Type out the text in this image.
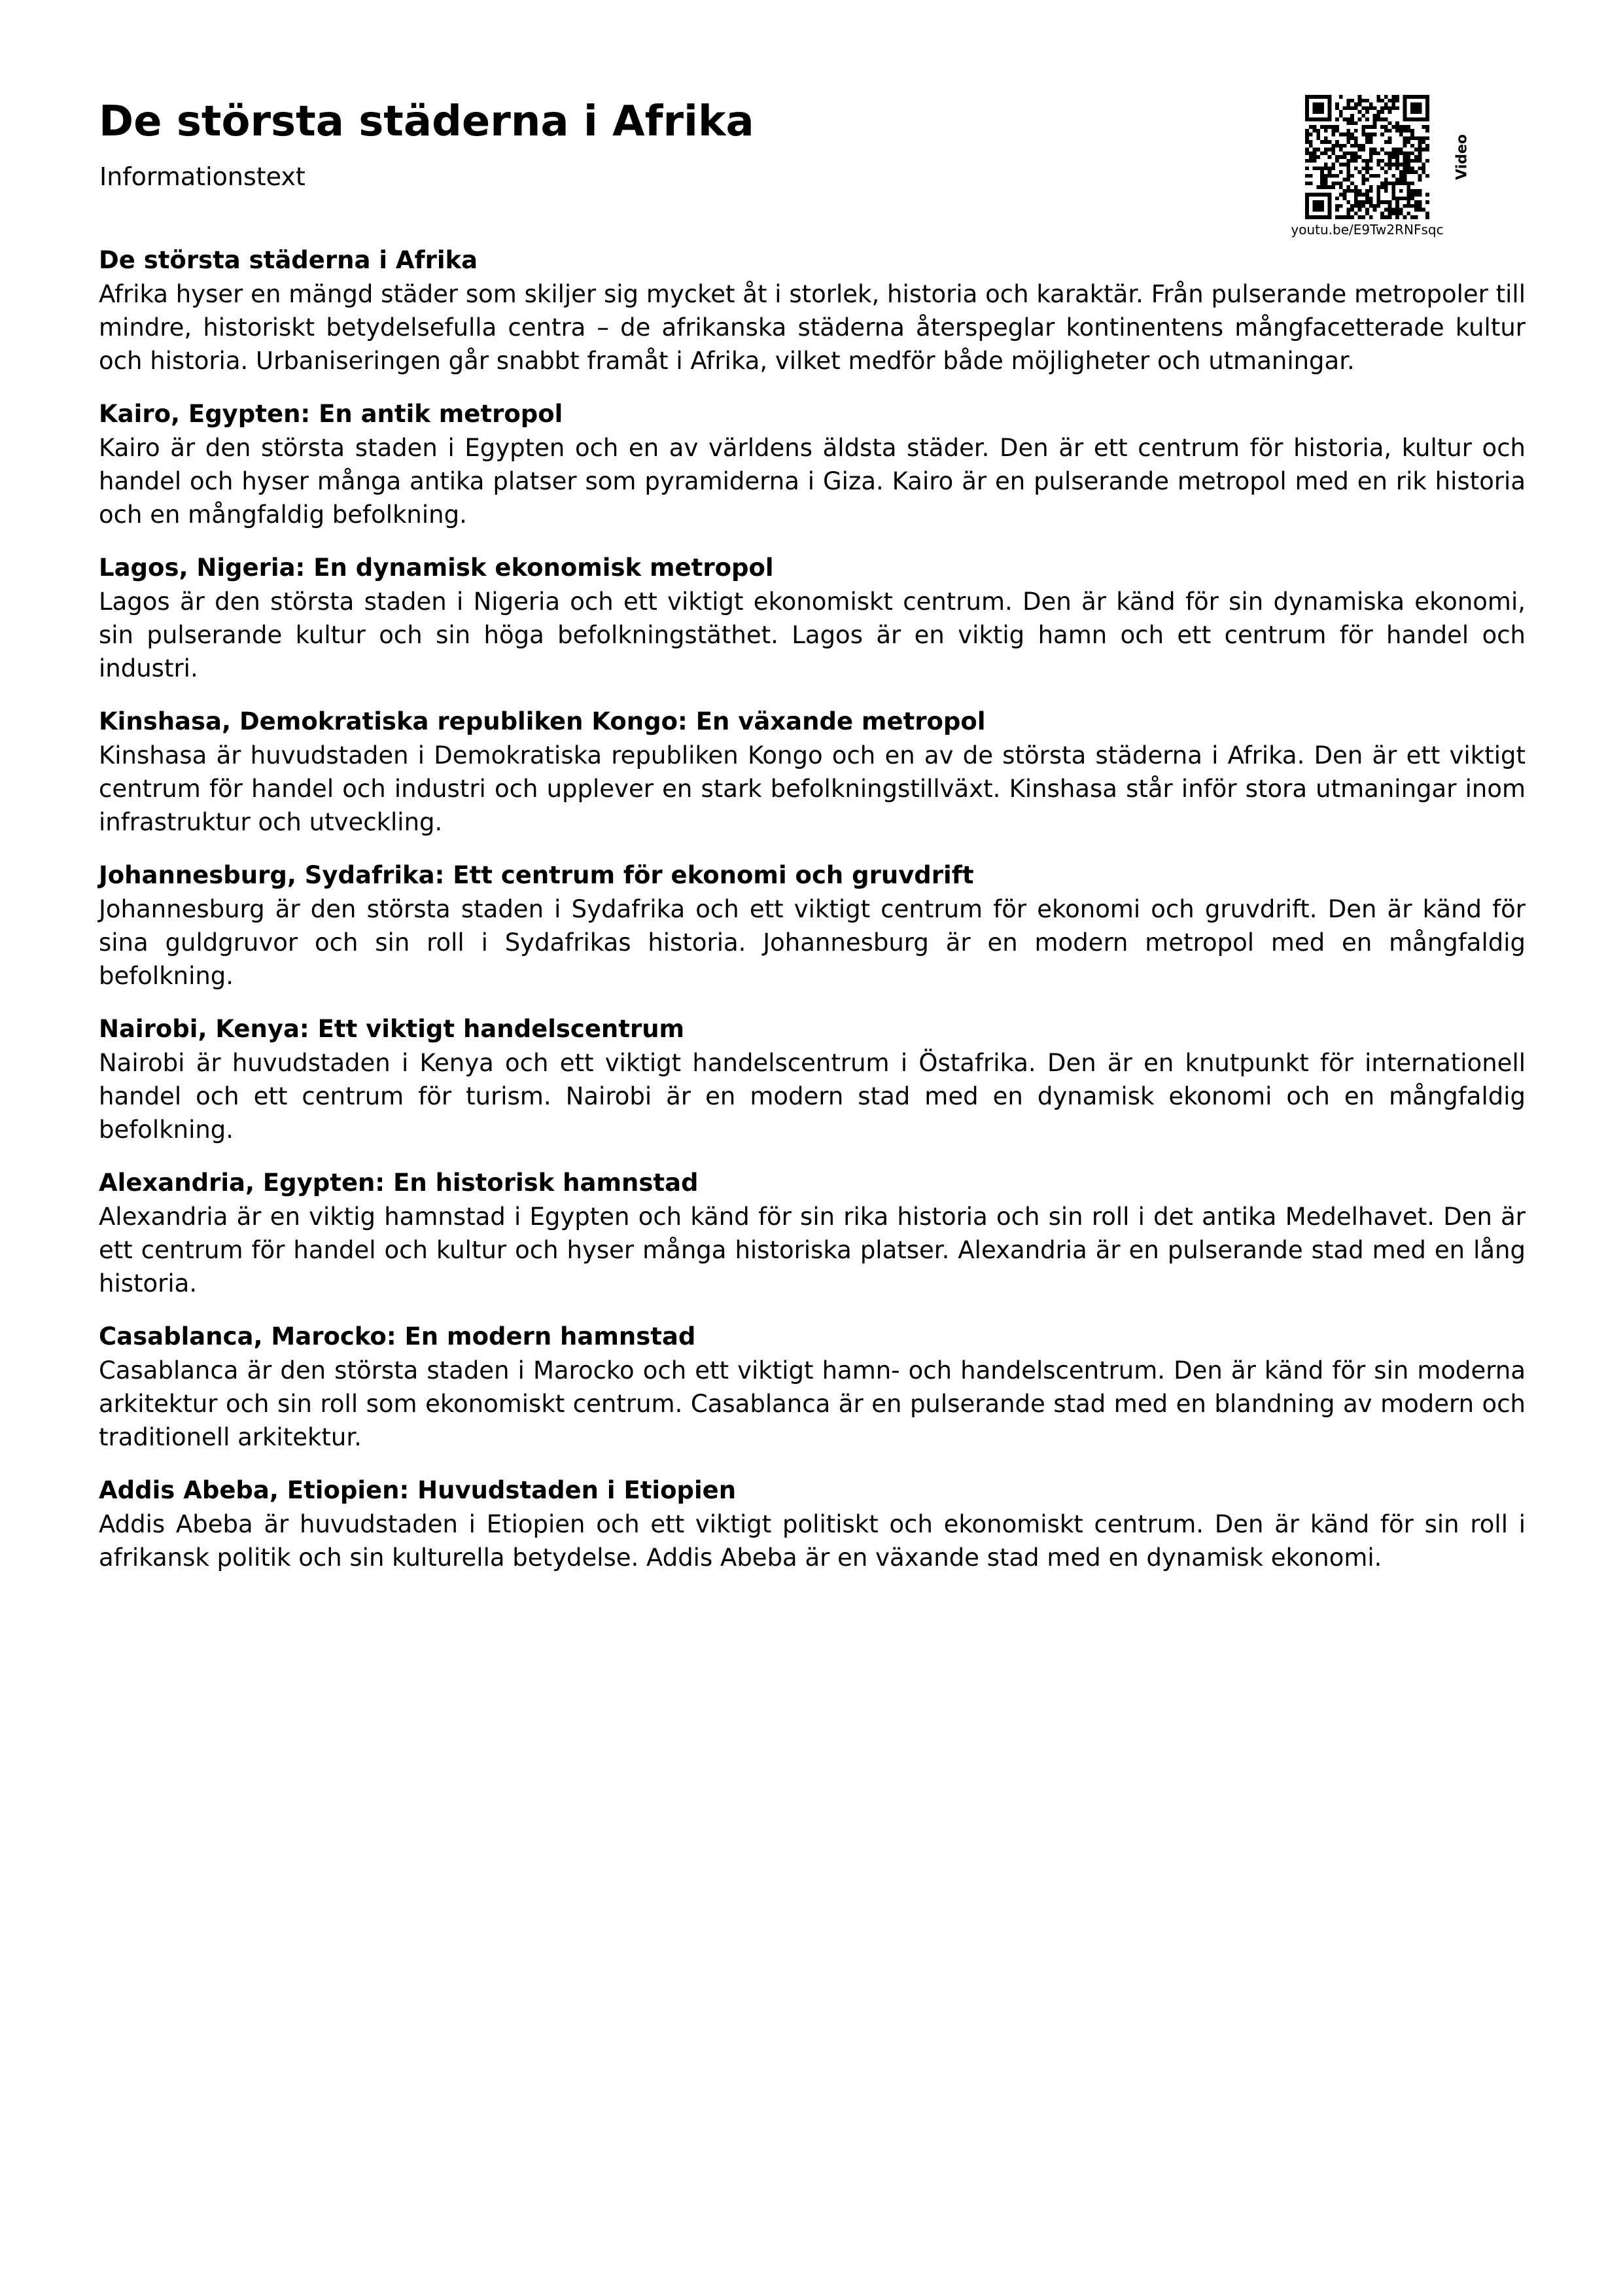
De största städerna i Afrika

Informationstext

youtu.be/E9Tw2RNFsqc
Video
De största städerna i Afrika

Afrika hyser en mängd städer som skiljer sig mycket åt i storlek, historia och karaktär. Från pulserande metropoler till mindre, historiskt betydelsefulla centra – de afrikanska städerna återspeglar kontinentens mångfacetterade kultur och historia. Urbaniseringen går snabbt framåt i Afrika, vilket medför både möjligheter och utmaningar.

Kairo, Egypten: En antik metropol

Kairo är den största staden i Egypten och en av världens äldsta städer. Den är ett centrum för historia, kultur och handel och hyser många antika platser som pyramiderna i Giza. Kairo är en pulserande metropol med en rik historia och en mångfaldig befolkning.

Lagos, Nigeria: En dynamisk ekonomisk metropol

Lagos är den största staden i Nigeria och ett viktigt ekonomiskt centrum. Den är känd för sin dynamiska ekonomi, sin pulserande kultur och sin höga befolkningstäthet. Lagos är en viktig hamn och ett centrum för handel och industri.

Kinshasa, Demokratiska republiken Kongo: En växande metropol

Kinshasa är huvudstaden i Demokratiska republiken Kongo och en av de största städerna i Afrika. Den är ett viktigt centrum för handel och industri och upplever en stark befolkningstillväxt. Kinshasa står inför stora utmaningar inom infrastruktur och utveckling.

Johannesburg, Sydafrika: Ett centrum för ekonomi och gruvdrift

Johannesburg är den största staden i Sydafrika och ett viktigt centrum för ekonomi och gruvdrift. Den är känd för sina guldgruvor och sin roll i Sydafrikas historia. Johannesburg är en modern metropol med en mångfaldig befolkning.

Nairobi, Kenya: Ett viktigt handelscentrum

Nairobi är huvudstaden i Kenya och ett viktigt handelscentrum i Östafrika. Den är en knutpunkt för internationell handel och ett centrum för turism. Nairobi är en modern stad med en dynamisk ekonomi och en mångfaldig befolkning.

Alexandria, Egypten: En historisk hamnstad

Alexandria är en viktig hamnstad i Egypten och känd för sin rika historia och sin roll i det antika Medelhavet. Den är ett centrum för handel och kultur och hyser många historiska platser. Alexandria är en pulserande stad med en lång historia.

Casablanca, Marocko: En modern hamnstad

Casablanca är den största staden i Marocko och ett viktigt hamn- och handelscentrum. Den är känd för sin moderna arkitektur och sin roll som ekonomiskt centrum. Casablanca är en pulserande stad med en blandning av modern och traditionell arkitektur.

Addis Abeba, Etiopien: Huvudstaden i Etiopien

Addis Abeba är huvudstaden i Etiopien och ett viktigt politiskt och ekonomiskt centrum. Den är känd för sin roll i afrikansk politik och sin kulturella betydelse. Addis Abeba är en växande stad med en dynamisk ekonomi.
